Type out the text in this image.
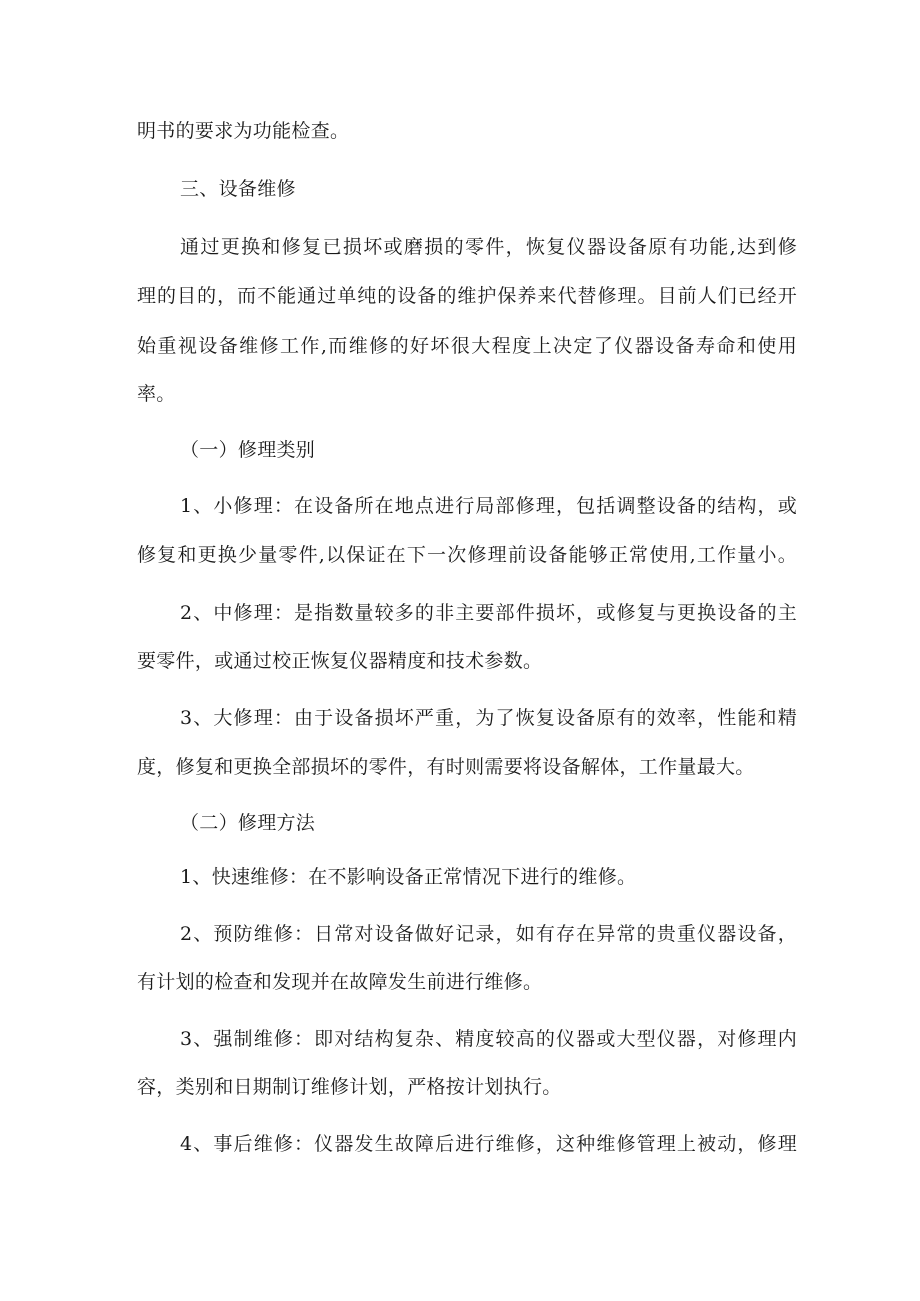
明书的要求为功能检查。
三、设备维修
通过更换和修复已损坏或磨损的零件，恢复仪器设备原有功能,达到修
理的目的，而不能通过单纯的设备的维护保养来代替修理。目前人们已经开
始重视设备维修工作,而维修的好坏很大程度上决定了仪器设备寿命和使用
率。
（一）修理类别
1、小修理：在设备所在地点进行局部修理，包括调整设备的结构，或
修复和更换少量零件,以保证在下一次修理前设备能够正常使用,工作量小。
2、中修理：是指数量较多的非主要部件损坏，或修复与更换设备的主
要零件，或通过校正恢复仪器精度和技术参数。
3、大修理：由于设备损坏严重，为了恢复设备原有的效率，性能和精
度，修复和更换全部损坏的零件，有时则需要将设备解体，工作量最大。
（二）修理方法
1、快速维修：在不影响设备正常情况下进行的维修。
2、预防维修：日常对设备做好记录，如有存在异常的贵重仪器设备，
有计划的检查和发现并在故障发生前进行维修。
3、强制维修：即对结构复杂、精度较高的仪器或大型仪器，对修理内
容，类别和日期制订维修计划，严格按计划执行。
4、事后维修：仪器发生故障后进行维修，这种维修管理上被动，修理
